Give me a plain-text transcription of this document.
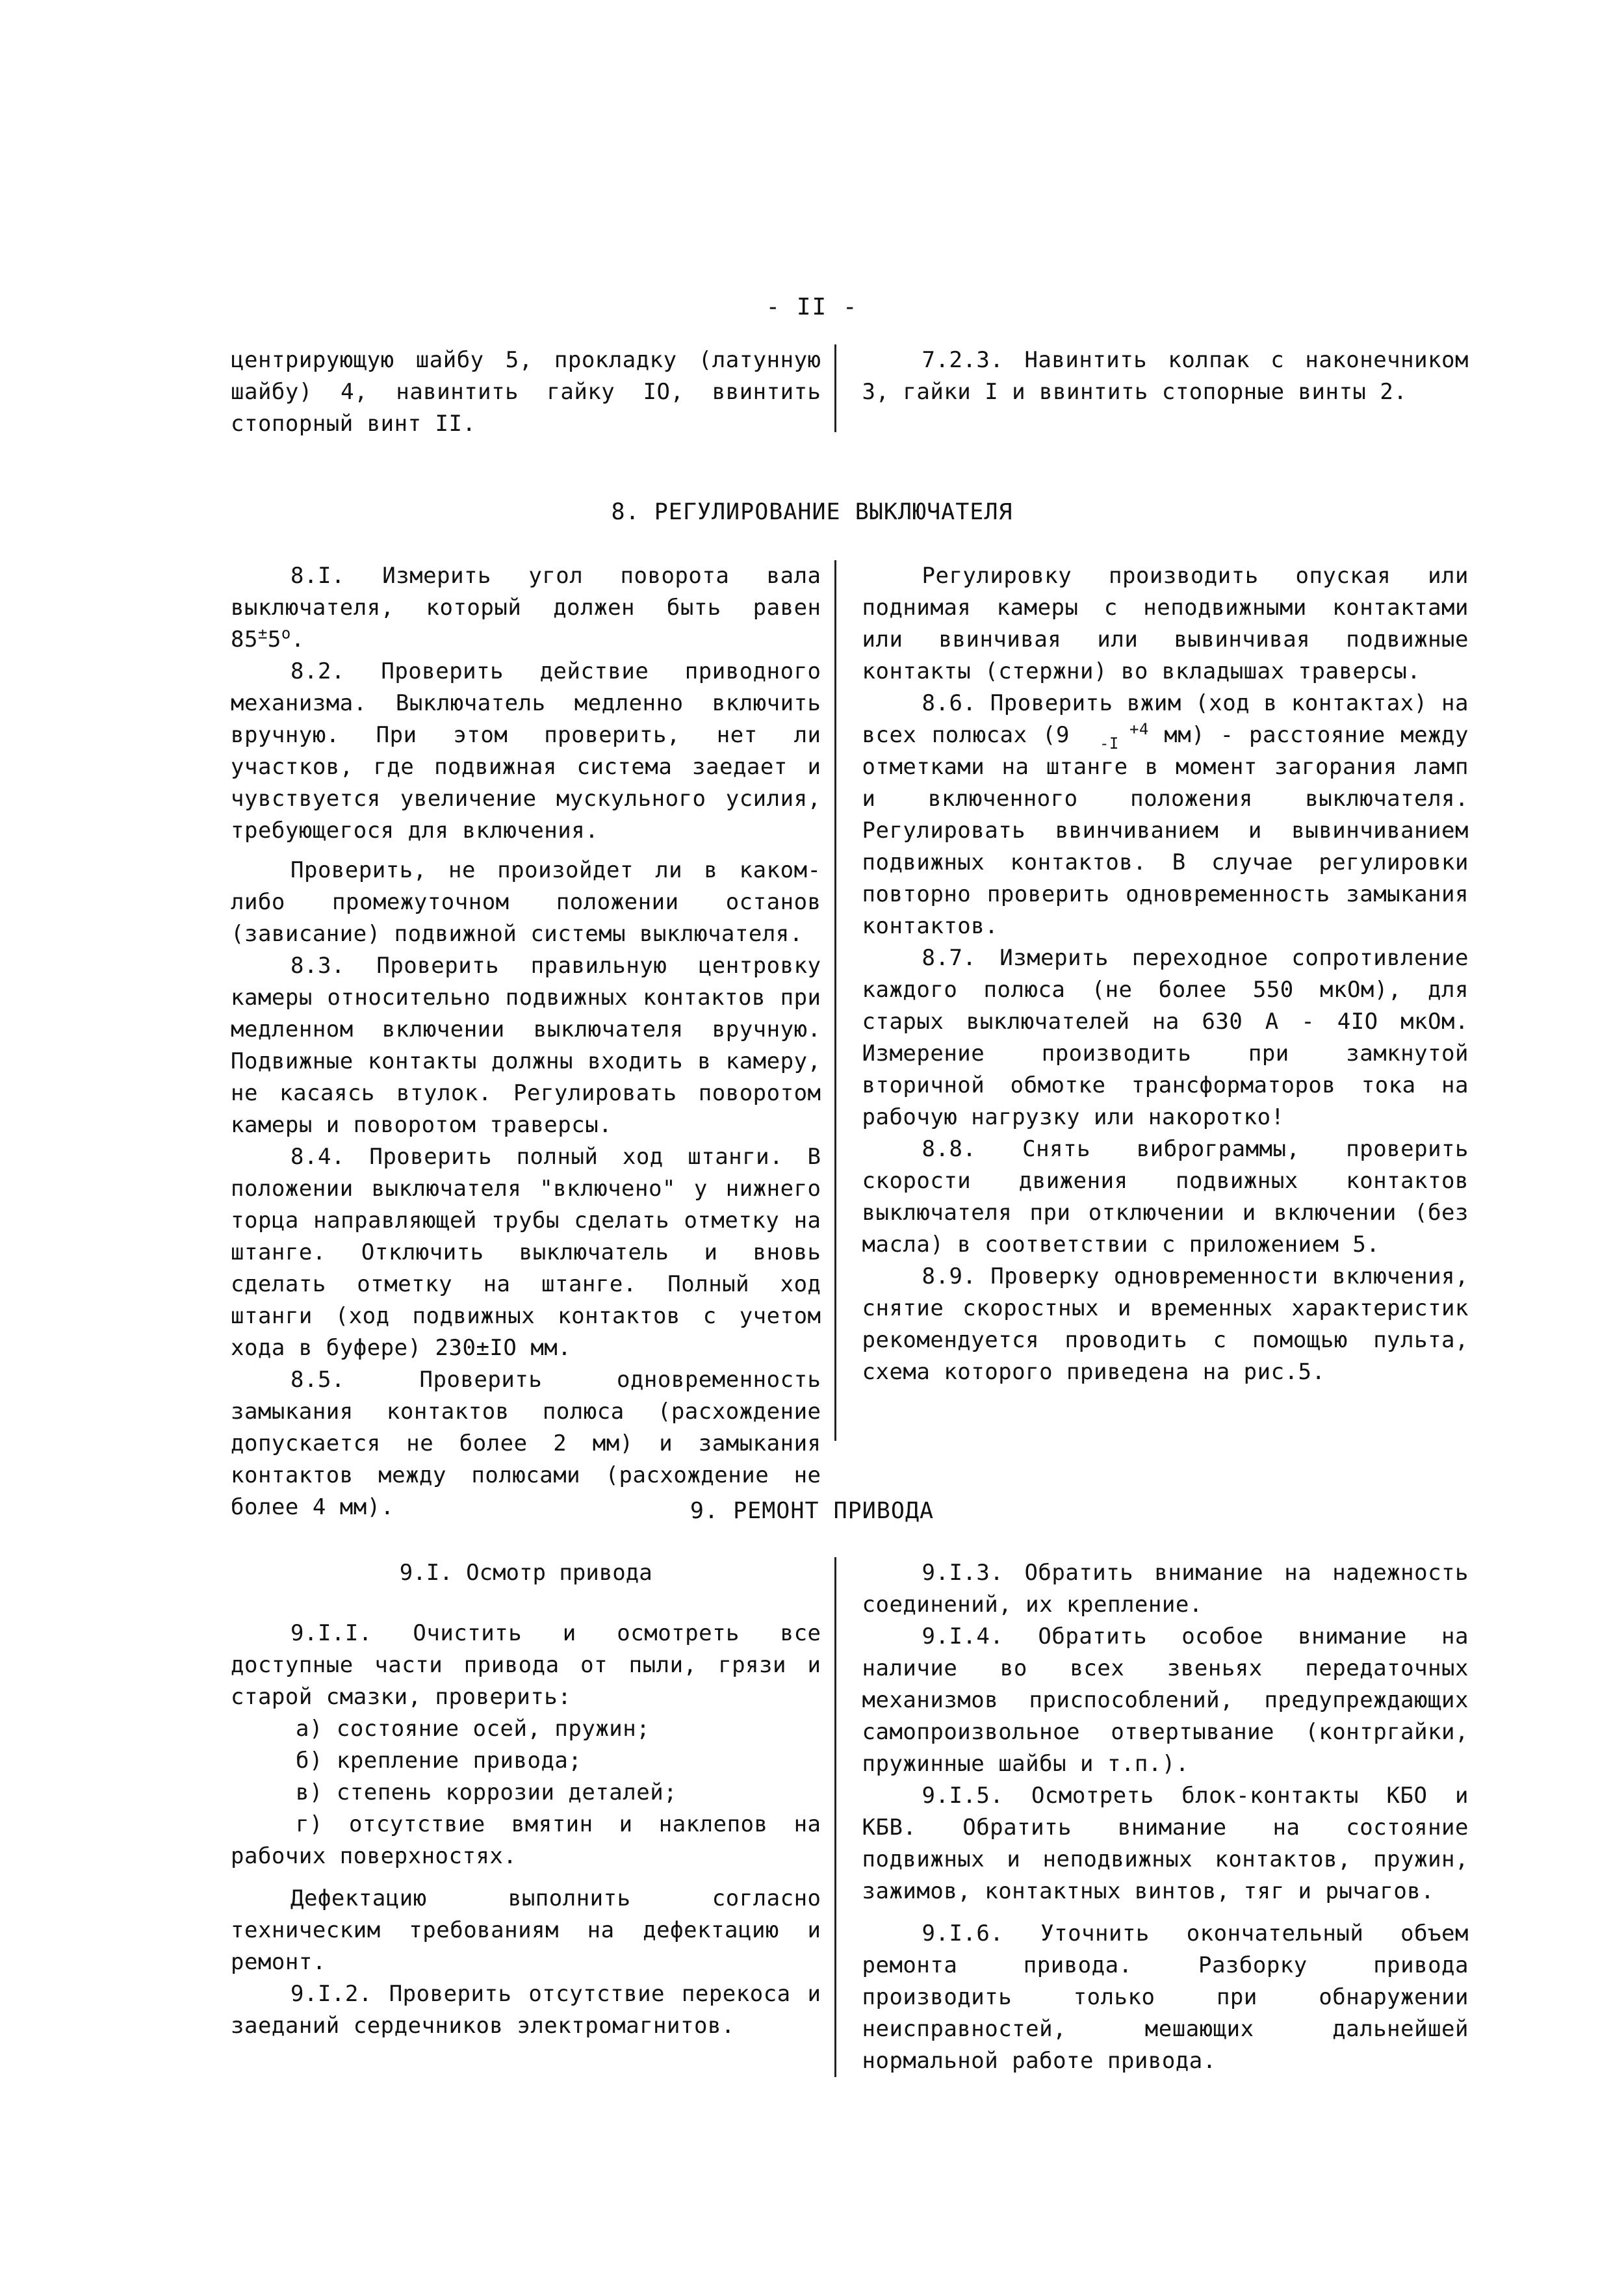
- II -

центрирующую шайбу 5, прокладку (латунную шайбу) 4, навинтить гайку IO, ввинтить стопорный винт II.

7.2.3. Навинтить колпак с наконечником 3, гайки I и ввинтить стопорные винты 2.

8. РЕГУЛИРОВАНИЕ ВЫКЛЮЧАТЕЛЯ

8.I. Измерить угол поворота вала выключателя, который должен быть равен 85±5$^o$.

8.2. Проверить действие приводного механизма. Выключатель медленно включить вручную. При этом проверить, нет ли участков, где подвижная система заедает и чувствуется увеличение мускульного усилия, требующегося для включения.

Проверить, не произойдет ли в каком-либо промежуточном положении останов (зависание) подвижной системы выключателя.

8.3. Проверить правильную центровку камеры относительно подвижных контактов при медленном включении выключателя вручную. Подвижные контакты должны входить в камеру, не касаясь втулок. Регулировать поворотом камеры и поворотом траверсы.

8.4. Проверить полный ход штанги. В положении выключателя "включено" у нижнего торца направляющей трубы сделать отметку на штанге. Отключить выключатель и вновь сделать отметку на штанге. Полный ход штанги (ход подвижных контактов с учетом хода в буфере) 230±IO мм.

8.5. Проверить одновременность замыкания контактов полюса (расхождение допускается не более 2 мм) и замыкания контактов между полюсами (расхождение не более 4 мм).

Регулировку производить опуская или поднимая камеры с неподвижными контактами или ввинчивая или вывинчивая подвижные контакты (стержни) во вкладышах траверсы.

8.6. Проверить вжим (ход в контактах) на всех полюсах (9	+4
-I мм) - расстояние между отметками на штанге в момент загорания ламп и включенного положения выключателя. Регулировать ввинчиванием и вывинчиванием подвижных контактов. В случае регулировки повторно проверить одновременность замыкания контактов.

8.7. Измерить переходное сопротивление каждого полюса (не более 550 мкОм), для старых выключателей на 630 А - 4IO мкОм. Измерение производить при замкнутой вторичной обмотке трансформаторов тока на рабочую нагрузку или накоротко!

8.8. Снять виброграммы, проверить скорости движения подвижных контактов выключателя при отключении и включении (без масла) в соответствии с приложением 5.

8.9. Проверку одновременности включения, снятие скоростных и временных характеристик рекомендуется проводить с помощью пульта, схема которого приведена на рис.5.

9. РЕМОНТ ПРИВОДА
9.I. Осмотр привода

9.I.I. Очистить и осмотреть все доступные части привода от пыли, грязи и старой смазки, проверить:

а) состояние осей, пружин;

б) крепление привода;

в) степень коррозии деталей;

г) отсутствие вмятин и наклепов на рабочих поверхностях.

Дефектацию выполнить согласно техническим требованиям на дефектацию и ремонт.

9.I.2. Проверить отсутствие перекоса и заеданий сердечников электромагнитов.

9.I.3. Обратить внимание на надежность соединений, их крепление.

9.I.4. Обратить особое внимание на наличие во всех звеньях передаточных механизмов приспособлений, предупреждающих самопроизвольное отвертывание (контргайки, пружинные шайбы и т.п.).

9.I.5. Осмотреть блок-контакты КБО и КБВ. Обратить внимание на состояние подвижных и неподвижных контактов, пружин, зажимов, контактных винтов, тяг и рычагов.

9.I.6. Уточнить окончательный объем ремонта привода. Разборку привода производить только при обнаружении неисправностей, мешающих дальнейшей нормальной работе привода.
